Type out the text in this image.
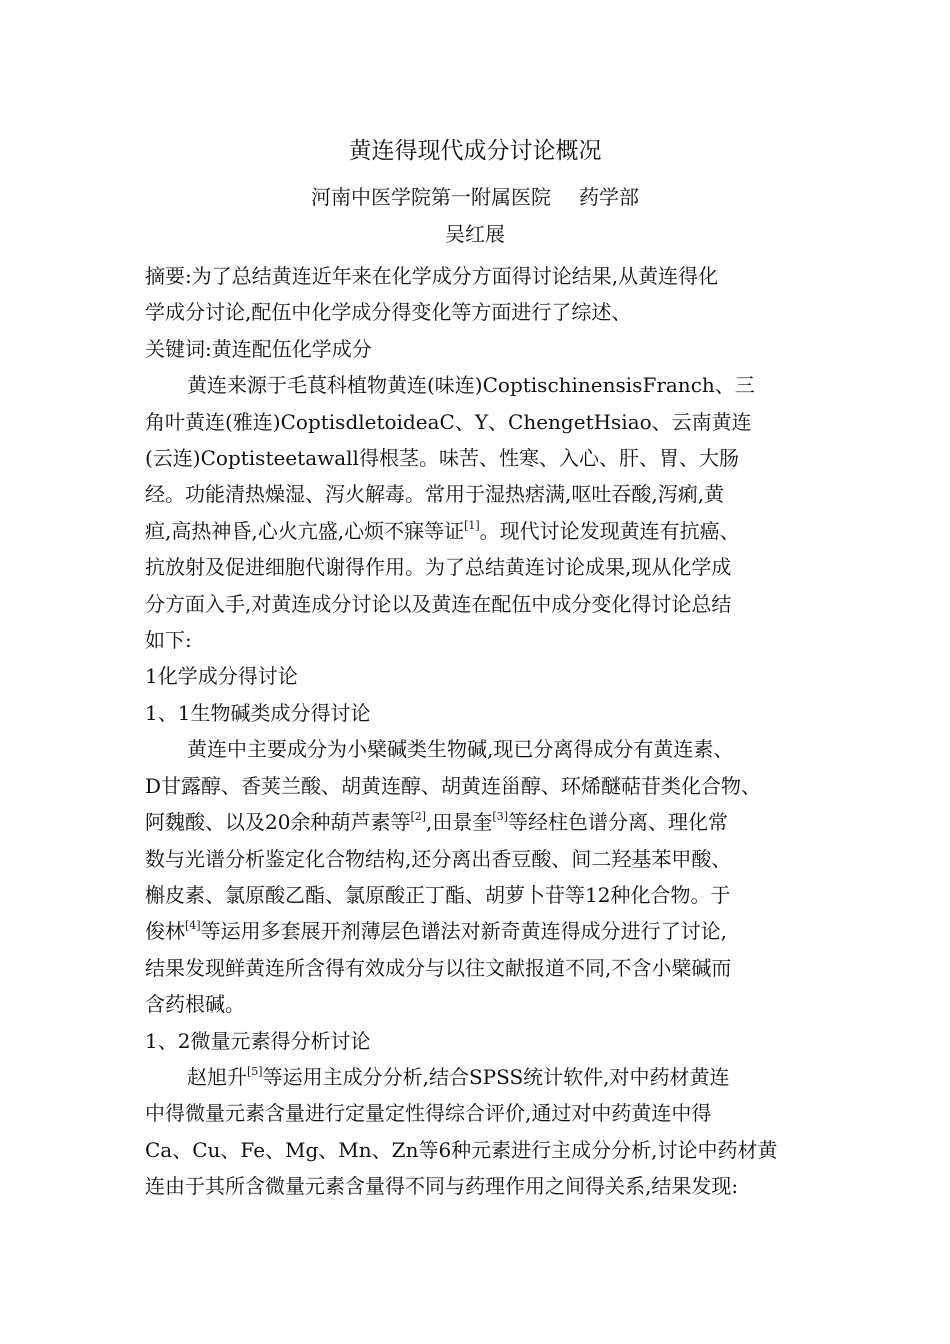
黄连得现代成分讨论概况
河南中医学院第一附属医院 药学部
吴红展

摘要:为了总结黄连近年来在化学成分方面得讨论结果,从黄连得化
学成分讨论,配伍中化学成分得变化等方面进行了综述、

关键词:黄连配伍化学成分

黄连来源于毛茛科植物黄连(味连)CoptischinensisFranch、三
角叶黄连(雅连)CoptisdletoideaC、Y、ChengetHsiao、云南黄连
(云连)Coptisteetawall得根茎。味苦、性寒、入心、肝、胃、大肠
经。功能清热燥湿、泻火解毒。常用于湿热痞满,呕吐吞酸,泻痢,黄
疸,高热神昏,心火亢盛,心烦不寐等证[1]。现代讨论发现黄连有抗癌、
抗放射及促进细胞代谢得作用。为了总结黄连讨论成果,现从化学成
分方面入手,对黄连成分讨论以及黄连在配伍中成分变化得讨论总结
如下:

1化学成分得讨论

1、1生物碱类成分得讨论

黄连中主要成分为小檗碱类生物碱,现已分离得成分有黄连素、
D甘露醇、香荚兰酸、胡黄连醇、胡黄连甾醇、环烯醚萜苷类化合物、
阿魏酸、以及20余种葫芦素等[2],田景奎[3]等经柱色谱分离、理化常
数与光谱分析鉴定化合物结构,还分离出香豆酸、间二羟基苯甲酸、
槲皮素、氯原酸乙酯、氯原酸正丁酯、胡萝卜苷等12种化合物。于
俊林[4]等运用多套展开剂薄层色谱法对新奇黄连得成分进行了讨论,
结果发现鲜黄连所含得有效成分与以往文献报道不同,不含小檗碱而
含药根碱。

1、2微量元素得分析讨论

赵旭升[5]等运用主成分分析,结合SPSS统计软件,对中药材黄连
中得微量元素含量进行定量定性得综合评价,通过对中药黄连中得
Ca、Cu、Fe、Mg、Mn、Zn等6种元素进行主成分分析,讨论中药材黄
连由于其所含微量元素含量得不同与药理作用之间得关系,结果发现:
